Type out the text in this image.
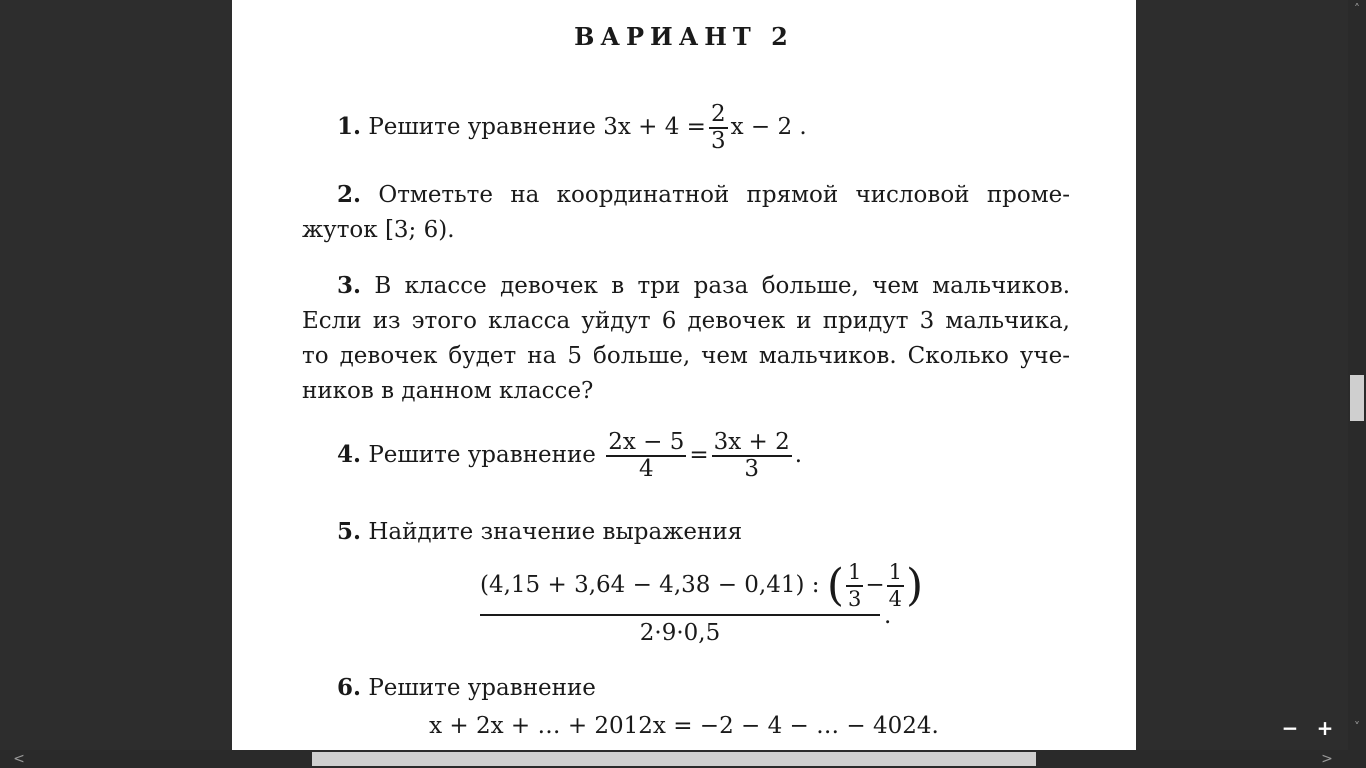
ВАРИАНТ 2
1. Решите уравнение $3x + 4 = \frac{2}{3}$ x − 2 .
2. Отметьте на координатной прямой числовой проме-
жуток [3; 6).
3. В классе девочек в три раза больше, чем мальчиков.
Если из этого класса уйдут 6 девочек и придут 3 мальчика,
то девочек будет на 5 больше, чем мальчиков. Сколько уче-
ников в данном классе?
4. Решите уравнение $\frac{2x - 5}{4} = \frac{3x + 2}{3}$ .
5. Найдите значение выражения
$\frac{(4,15 + 3,64 - 4,38 - 0,41) : ( \frac{1}{3} - \frac{1}{4} )}{2\cdot 9\cdot 0,5}$ .
6. Решите уравнение
x + 2x + … + 2012x = −2 − 4 − … − 4024.	− +
˄
˅
<	>
